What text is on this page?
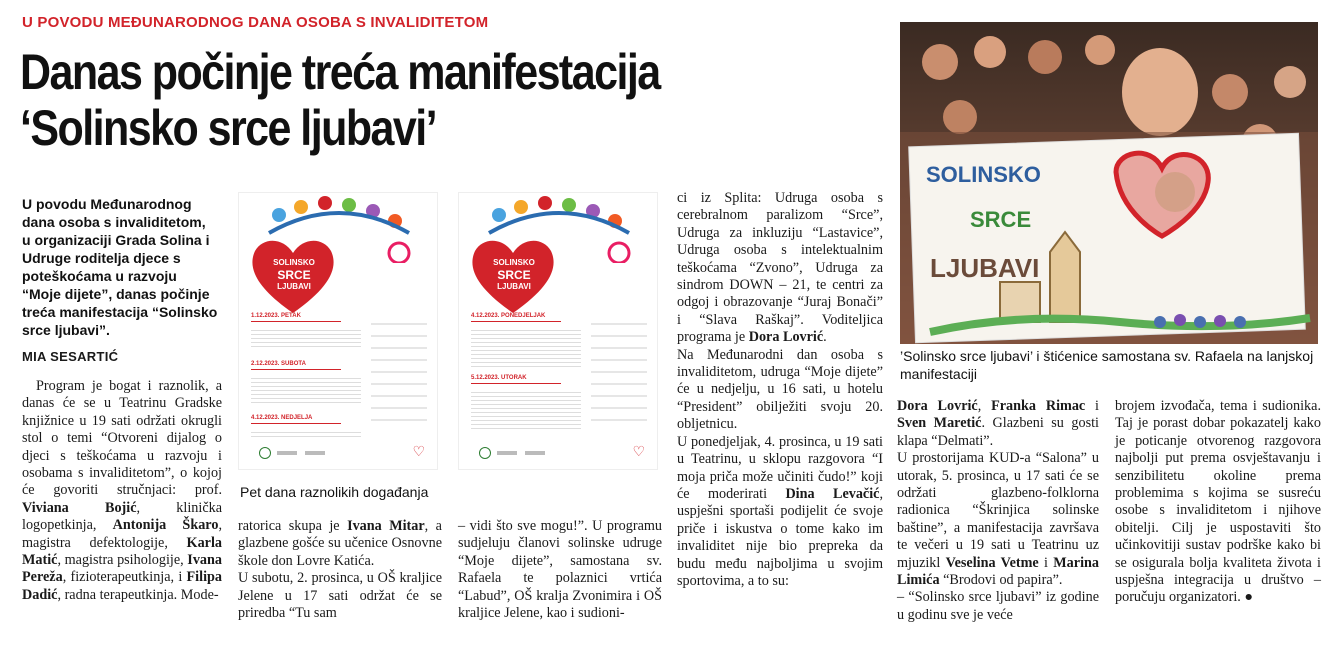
U POVODU MEĐUNARODNOG DANA OSOBA S INVALIDITETOM
Danas počinje treća manifestacija
‘Solinsko srce ljubavi’
U povodu Međunarodnog dana osoba s invaliditetom, u organizaciji Grada Solina i Udruge roditelja djece s poteškoćama u razvoju “Moje dijete”, danas počinje treća manifestacija “Solinsko srce ljubavi”.
MIA SESARTIĆ

Program je bogat i raznolik, a danas će se u Teatrinu Gradske knjižnice u 19 sati održati okrugli stol o temi “Otvoreni dijalog o djeci s teškoćama u razvoju i osobama s invaliditetom”, o kojoj će govoriti stručnjaci: prof. Viviana Bojić, klinička logopetkinja, Antonija Škaro, magistra defektologije, Karla Matić, magistra psihologije, Ivana Pereža, fizioterapeutkinja, i Filipa Dadić, radna terapeutkinja. Mode-

SOLINSKO
SRCE
LJUBAVI
1.12.2023. PETAK
2.12.2023. SUBOTA
4.12.2023. NEDJELJA
♡
SOLINSKO
SRCE
LJUBAVI
4.12.2023. PONEDJELJAK
5.12.2023. UTORAK
♡
Pet dana raznolikih događanja

ratorica skupa je Ivana Mitar, a glazbene gošće su učenice Osnovne škole don Lovre Katića.

U subotu, 2. prosinca, u OŠ kraljice Jelene u 17 sati održat će se priredba “Tu sam

– vidi što sve mogu!”. U programu sudjeluju članovi solinske udruge “Moje dijete”, samostana sv. Rafaela te polaznici vrtića “Labud”, OŠ kralja Zvonimira i OŠ kraljice Jelene, kao i sudioni-

ci iz Splita: Udruga osoba s cerebralnom paralizom “Srce”, Udruga za inkluziju “Lastavice”, Udruga osoba s intelektualnim teškoćama “Zvono”, Udruga za sindrom DOWN – 21, te centri za odgoj i obrazovanje “Juraj Bonači” i “Slava Raškaj”. Voditeljica programa je Dora Lovrić.

Na Međunarodni dan osoba s invaliditetom, udruga “Moje dijete” će u nedjelju, u 16 sati, u hotelu “President” obilježiti svoju 20. obljetnicu.

U ponedjeljak, 4. prosinca, u 19 sati u Teatrinu, u sklopu razgovora “I moja priča može učiniti čudo!” koji će moderirati Dina Levačić, uspješni sportaši podijelit će svoje priče i iskustva o tome kako im invaliditet nije bio prepreka da budu među najboljima u svojim sportovima, a to su:

SOLINSKO
SRCE
LJUBAVI
’Solinsko srce ljubavi’ i štićenice samostana sv. Rafaela na lanjskoj manifestaciji

Dora Lovrić, Franka Rimac i Sven Maretić. Glazbeni su gosti klapa “Delmati”.

U prostorijama KUD-a “Salona” u utorak, 5. prosinca, u 17 sati će se održati glazbeno-folklorna radionica “Škrinjica solinske baštine”, a manifestacija završava te večeri u 19 sati u Teatrinu uz mjuzikl Veselina Vetme i Marina Limića “Brodovi od papira”.

– “Solinsko srce ljubavi” iz godine u godinu sve je veće

brojem izvođača, tema i sudionika. Taj je porast dobar pokazatelj kako je poticanje otvorenog razgovora najbolji put prema osvještavanju i senzibilitetu okoline prema problemima s kojima se susreću osobe s invaliditetom i njihove obitelji. Cilj je uspostaviti što učinkovitiji sustav podrške kako bi se osigurala bolja kvaliteta života i uspješna integracija u društvo – poručuju organizatori. ●
